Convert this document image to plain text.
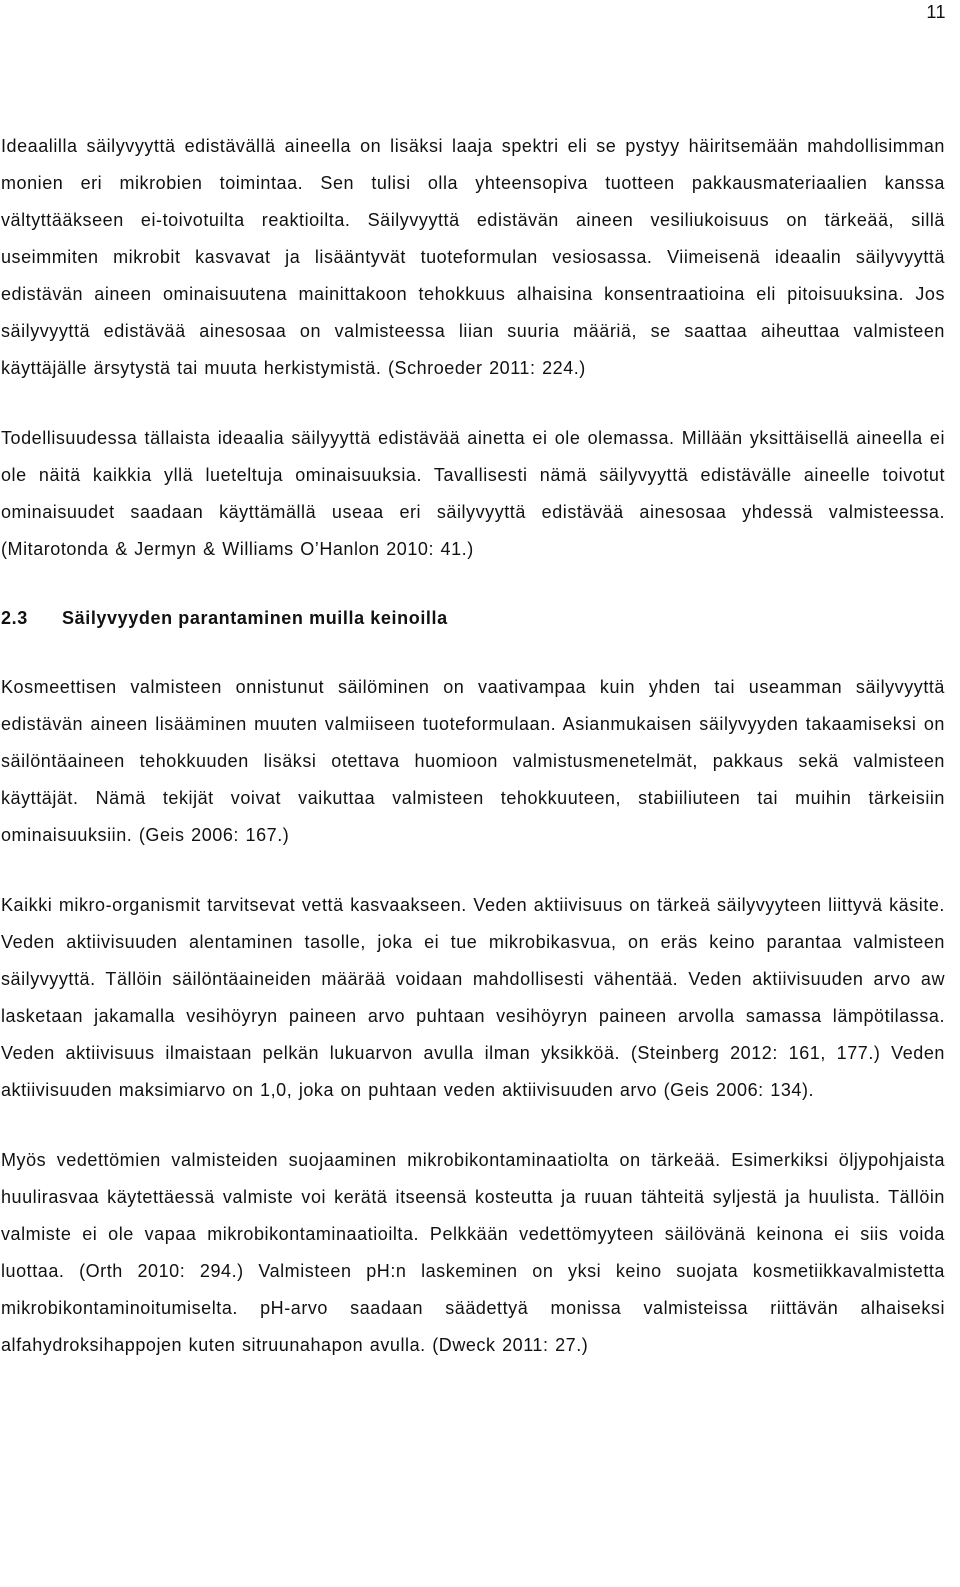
11

Ideaalilla säilyvyyttä edistävällä aineella on lisäksi laaja spektri eli se pystyy häiritsemään mahdollisimman monien eri mikrobien toimintaa. Sen tulisi olla yhteensopiva tuotteen pakkausmateriaalien kanssa vältyttääkseen ei-toivotuilta reaktioilta. Säilyvyyttä edistävän aineen vesiliukoisuus on tärkeää, sillä useimmiten mikrobit kasvavat ja lisääntyvät tuoteformulan vesiosassa. Viimeisenä ideaalin säilyvyyttä edistävän aineen ominaisuutena mainittakoon tehokkuus alhaisina konsentraatioina eli pitoisuuksina. Jos säilyvyyttä edistävää ainesosaa on valmisteessa liian suuria määriä, se saattaa aiheuttaa valmisteen käyttäjälle ärsytystä tai muuta herkistymistä. (Schroeder 2011: 224.)

Todellisuudessa tällaista ideaalia säilyyyttä edistävää ainetta ei ole olemassa. Millään yksittäisellä aineella ei ole näitä kaikkia yllä lueteltuja ominaisuuksia. Tavallisesti nämä säilyvyyttä edistävälle aineelle toivotut ominaisuudet saadaan käyttämällä useaa eri säilyvyyttä edistävää ainesosaa yhdessä valmisteessa. (Mitarotonda & Jermyn & Williams O’Hanlon 2010: 41.)

2.3 Säilyvyyden parantaminen muilla keinoilla

Kosmeettisen valmisteen onnistunut säilöminen on vaativampaa kuin yhden tai useamman säilyvyyttä edistävän aineen lisääminen muuten valmiiseen tuoteformulaan. Asianmukaisen säilyvyyden takaamiseksi on säilöntäaineen tehokkuuden lisäksi otettava huomioon valmistusmenetelmät, pakkaus sekä valmisteen käyttäjät. Nämä tekijät voivat vaikuttaa valmisteen tehokkuuteen, stabiiliuteen tai muihin tärkeisiin ominaisuuksiin. (Geis 2006: 167.)

Kaikki mikro-organismit tarvitsevat vettä kasvaakseen. Veden aktiivisuus on tärkeä säilyvyyteen liittyvä käsite. Veden aktiivisuuden alentaminen tasolle, joka ei tue mikrobikasvua, on eräs keino parantaa valmisteen säilyvyyttä. Tällöin säilöntäaineiden määrää voidaan mahdollisesti vähentää. Veden aktiivisuuden arvo aw lasketaan jakamalla vesihöyryn paineen arvo puhtaan vesihöyryn paineen arvolla samassa lämpötilassa. Veden aktiivisuus ilmaistaan pelkän lukuarvon avulla ilman yksikköä. (Steinberg 2012: 161, 177.) Veden aktiivisuuden maksimiarvo on 1,0, joka on puhtaan veden aktiivisuuden arvo (Geis 2006: 134).

Myös vedettömien valmisteiden suojaaminen mikrobikontaminaatiolta on tärkeää. Esimerkiksi öljypohjaista huulirasvaa käytettäessä valmiste voi kerätä itseensä kosteutta ja ruuan tähteitä syljestä ja huulista. Tällöin valmiste ei ole vapaa mikrobikontaminaatioilta. Pelkkään vedettömyyteen säilövänä keinona ei siis voida luottaa. (Orth 2010: 294.) Valmisteen pH:n laskeminen on yksi keino suojata kosmetiikkavalmistetta mikrobikontaminoitumiselta. pH-arvo saadaan säädettyä monissa valmisteissa riittävän alhaiseksi alfahydroksihappojen kuten sitruunahapon avulla. (Dweck 2011: 27.)
